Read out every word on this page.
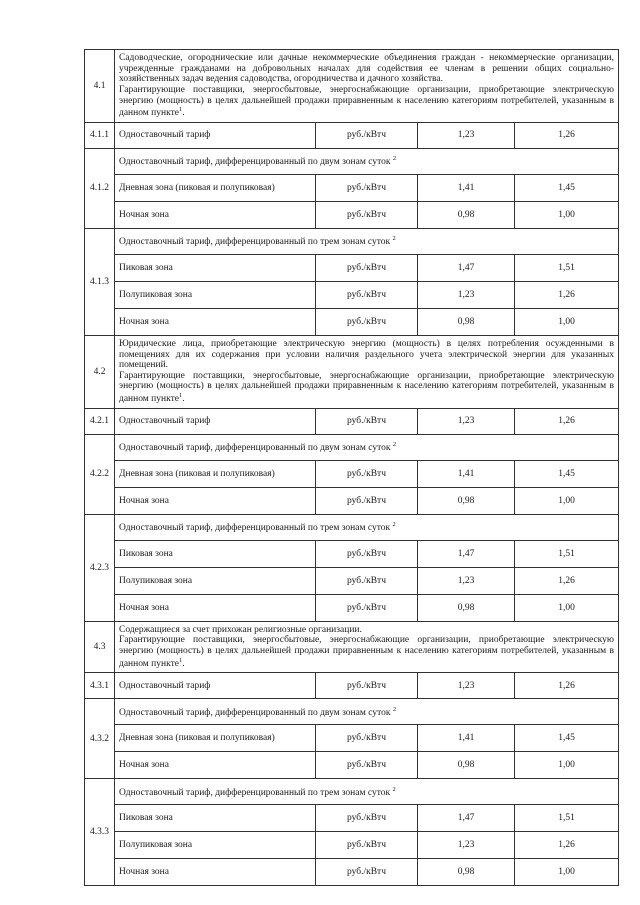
4.1	Садоводческие, огороднические или дачные некоммерческие объединения граждан - некоммерческие организации, учрежденные гражданами на добровольных началах для содействия ее членам в решении общих социально-хозяйственных задач ведения садоводства, огородничества и дачного хозяйства.
Гарантирующие поставщики, энергосбытовые, энергоснабжающие организации, приобретающие электрическую энергию (мощность) в целях дальнейшей продажи приравненным к населению категориям потребителей, указанным в данном пункте$^1$.			

4.1.1	Одноставочный тариф	руб./кВтч	1,23	1,26
4.1.2	Одноставочный тариф, дифференцированный по двум зонам суток $^2$
	Дневная зона (пиковая и полупиковая)	руб./кВтч	1,41	1,45
	Ночная зона	руб./кВтч	0,98	1,00
4.1.3	Одноставочный тариф, дифференцированный по трем зонам суток $^2$
	Пиковая зона	руб./кВтч	1,47	1,51
	Полупиковая зона	руб./кВтч	1,23	1,26
	Ночная зона	руб./кВтч	0,98	1,00
4.2	Юридические лица, приобретающие электрическую энергию (мощность) в целях потребления осужденными в помещениях для их содержания при условии наличия раздельного учета электрической энергии для указанных помещений.
Гарантирующие поставщики, энергосбытовые, энергоснабжающие организации, приобретающие электрическую энергию (мощность) в целях дальнейшей продажи приравненным к населению категориям потребителей, указанным в данном пункте$^1$.			

4.2.1	Одноставочный тариф	руб./кВтч	1,23	1,26
4.2.2	Одноставочный тариф, дифференцированный по двум зонам суток $^2$
	Дневная зона (пиковая и полупиковая)	руб./кВтч	1,41	1,45
	Ночная зона	руб./кВтч	0,98	1,00
4.2.3	Одноставочный тариф, дифференцированный по трем зонам суток $^2$
	Пиковая зона	руб./кВтч	1,47	1,51
	Полупиковая зона	руб./кВтч	1,23	1,26
	Ночная зона	руб./кВтч	0,98	1,00
4.3	Содержащиеся за счет прихожан религиозные организации.
Гарантирующие поставщики, энергосбытовые, энергоснабжающие организации, приобретающие электрическую энергию (мощность) в целях дальнейшей продажи приравненным к населению категориям потребителей, указанным в данном пункте$^1$.			

4.3.1	Одноставочный тариф	руб./кВтч	1,23	1,26
4.3.2	Одноставочный тариф, дифференцированный по двум зонам суток $^2$
	Дневная зона (пиковая и полупиковая)	руб./кВтч	1,41	1,45
	Ночная зона	руб./кВтч	0,98	1,00
4.3.3	Одноставочный тариф, дифференцированный по трем зонам суток $^2$
	Пиковая зона	руб./кВтч	1,47	1,51
	Полупиковая зона	руб./кВтч	1,23	1,26
	Ночная зона	руб./кВтч	0,98	1,00
